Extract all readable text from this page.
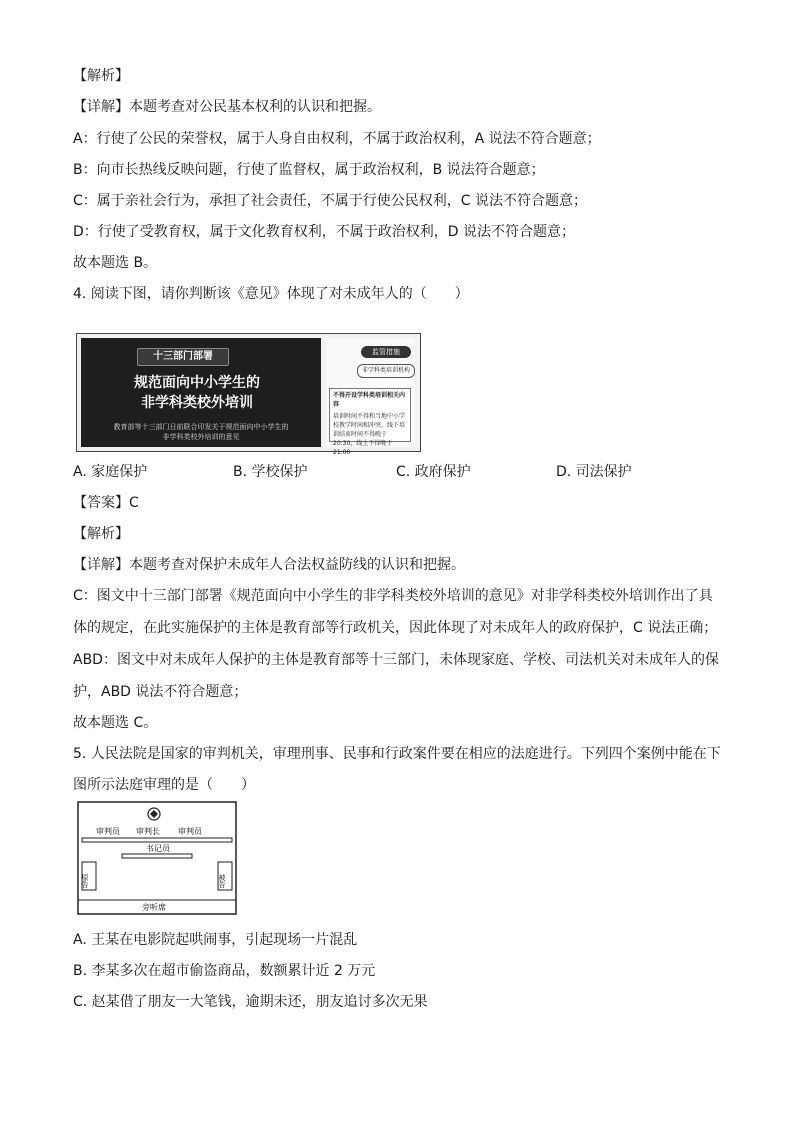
【解析】
【详解】本题考查对公民基本权利的认识和把握。
A：行使了公民的荣誉权，属于人身自由权利，不属于政治权利，A 说法不符合题意；
B：向市长热线反映问题，行使了监督权，属于政治权利，B 说法符合题意；
C：属于亲社会行为，承担了社会责任，不属于行使公民权利，C 说法不符合题意；
D：行使了受教育权，属于文化教育权利，不属于政治权利，D 说法不符合题意；
故本题选 B。
4. 阅读下图，请你判断该《意见》体现了对未成年人的（　　）
十三部门部署
规范面向中小学生的
非学科类校外培训
教育部等十三部门日前联合印发关于规范面向中小学生的非学科类校外培训的意见
监管措施
非学科类培训机构
不得开设学科类培训相关内容
培训时间不得和当地中小学校教学时间相冲突，线下培训结束时间不得晚于20:30，线上不得晚于21:00
A. 家庭保护	B. 学校保护	C. 政府保护	D. 司法保护
【答案】C
【解析】
【详解】本题考查对保护未成年人合法权益防线的认识和把握。
C：图文中十三部门部署《规范面向中小学生的非学科类校外培训的意见》对非学科类校外培训作出了具
体的规定，在此实施保护的主体是教育部等行政机关，因此体现了对未成年人的政府保护，C 说法正确；
ABD：图文中对未成年人保护的主体是教育部等十三部门，未体现家庭、学校、司法机关对未成年人的保
护，ABD 说法不符合题意；
故本题选 C。
5. 人民法院是国家的审判机关，审理刑事、民事和行政案件要在相应的法庭进行。下列四个案例中能在下
图所示法庭审理的是（　　）
审判员 审判长 审判员
书记员
原告	被告
旁听席
A. 王某在电影院起哄闹事，引起现场一片混乱
B. 李某多次在超市偷盗商品，数额累计近 2 万元
C. 赵某借了朋友一大笔钱，逾期未还，朋友追讨多次无果
